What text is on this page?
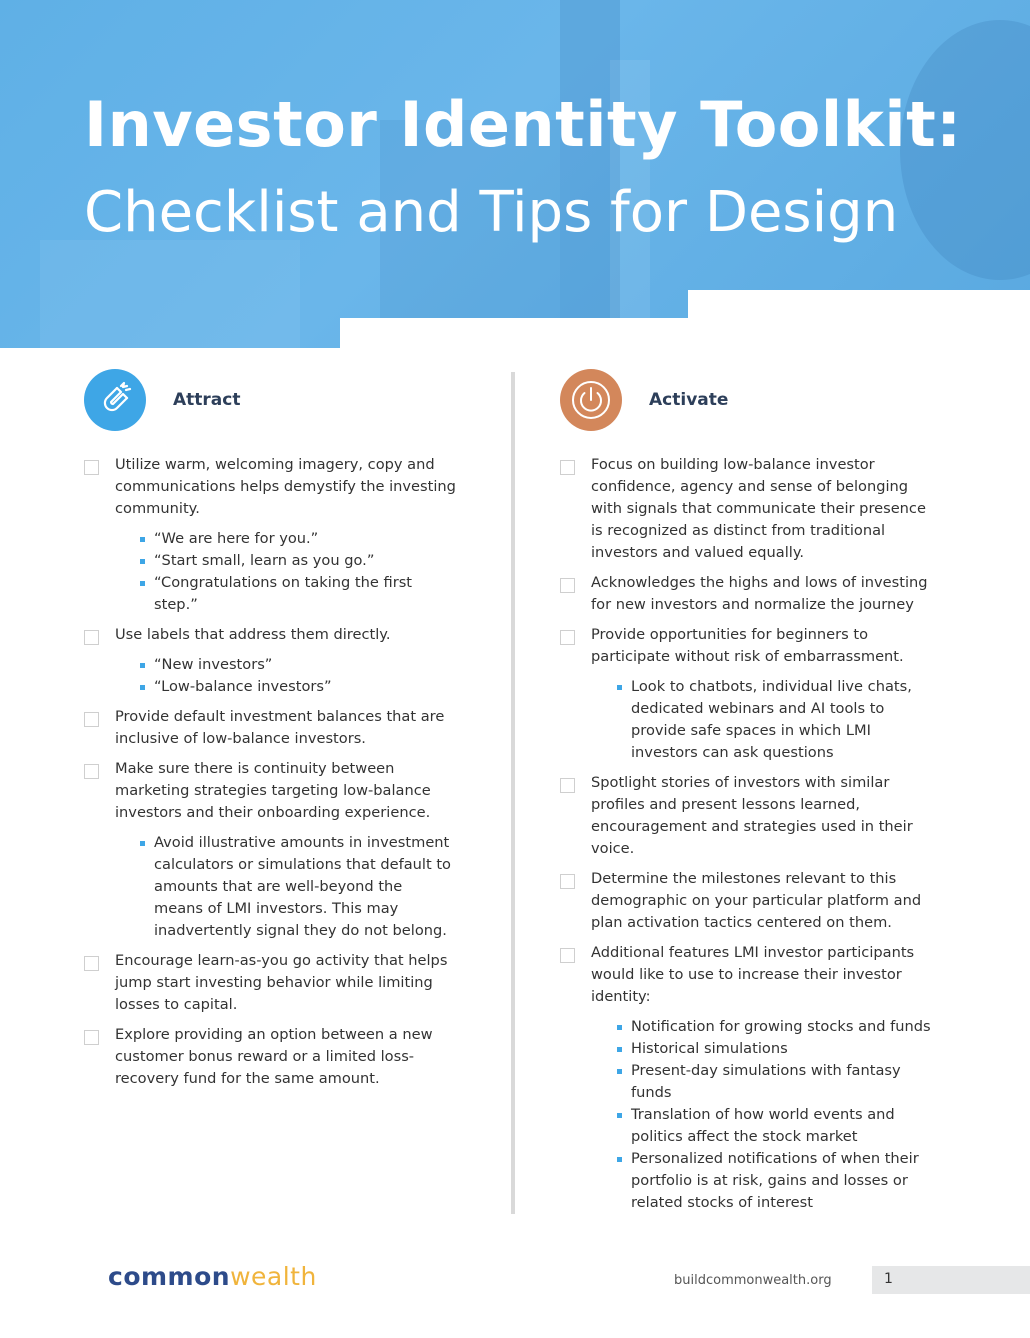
Investor Identity Toolkit:
Checklist and Tips for Design
Attract
Utilize warm, welcoming imagery, copy and communications helps demystify the investing community.
“We are here for you.”
“Start small, learn as you go.”
“Congratulations on taking the first step.”
Use labels that address them directly.
“New investors”
“Low-balance investors”
Provide default investment balances that are inclusive of low-balance investors.
Make sure there is continuity between marketing strategies targeting low-balance investors and their onboarding experience.
Avoid illustrative amounts in investment calculators or simulations that default to amounts that are well-beyond the means of LMI investors. This may inadvertently signal they do not belong.
Encourage learn-as-you go activity that helps jump start investing behavior while limiting losses to capital.
Explore providing an option between a new customer bonus reward or a limited loss-recovery fund for the same amount.
Activate
Focus on building low-balance investor confidence, agency and sense of belonging with signals that communicate their presence is recognized as distinct from traditional investors and valued equally.
Acknowledges the highs and lows of investing for new investors and normalize the journey
Provide opportunities for beginners to participate without risk of embarrassment.
Look to chatbots, individual live chats, dedicated webinars and AI tools to provide safe spaces in which LMI investors can ask questions
Spotlight stories of investors with similar profiles and present lessons learned, encouragement and strategies used in their voice.
Determine the milestones relevant to this demographic on your particular platform and plan activation tactics centered on them.
Additional features LMI investor participants would like to use to increase their investor identity:
Notification for growing stocks and funds
Historical simulations
Present-day simulations with fantasy funds
Translation of how world events and politics affect the stock market
Personalized notifications of when their portfolio is at risk, gains and losses or related stocks of interest
commonwealth	buildcommonwealth.org	1
